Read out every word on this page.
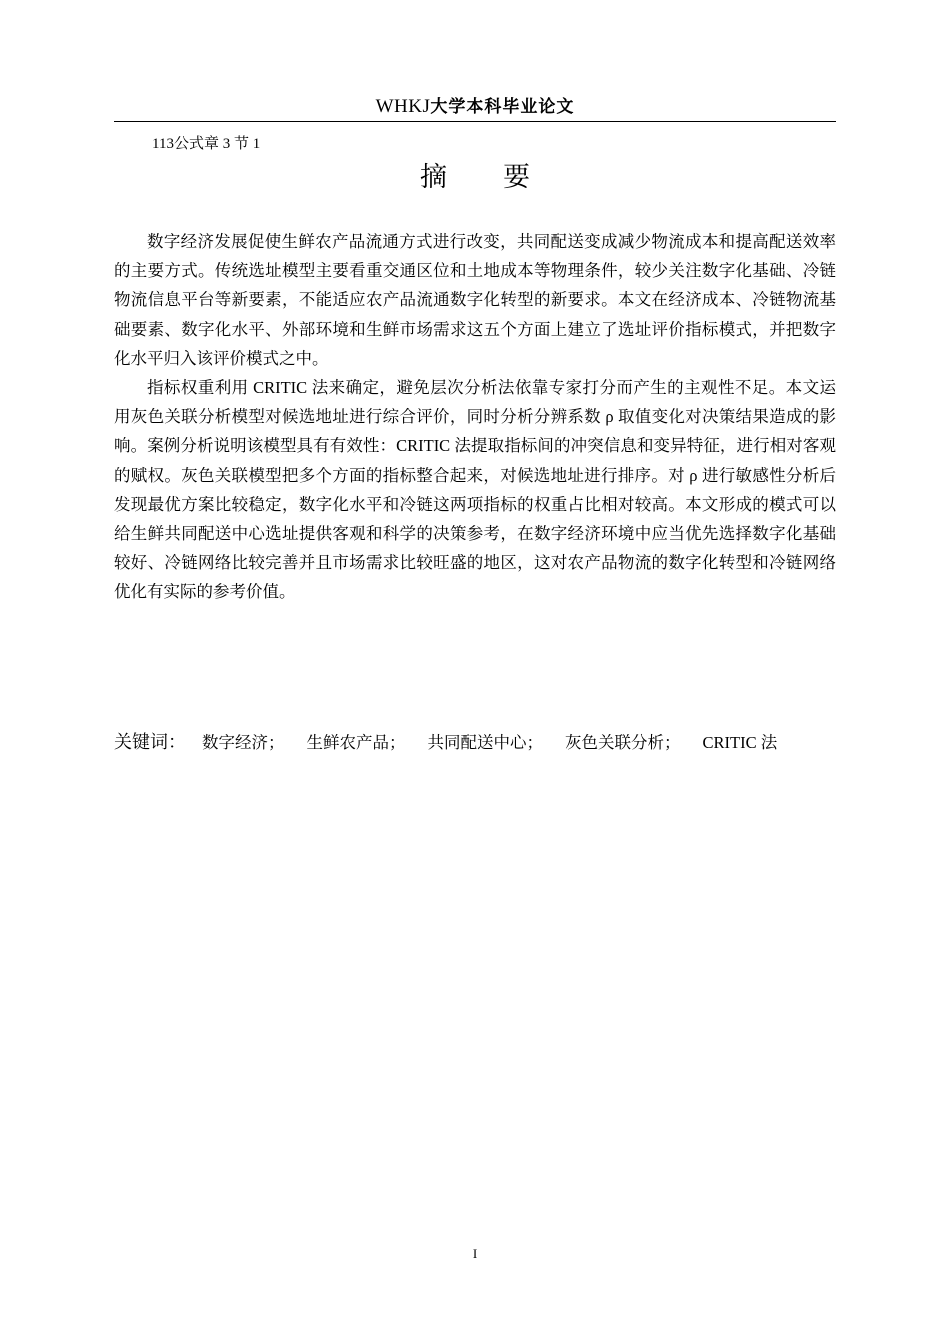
WHKJ大学本科毕业论文
113公式章 3 节 1
摘 要

数字经济发展促使生鲜农产品流通方式进行改变，共同配送变成减少物流成本和提高配送效率的主要方式。传统选址模型主要看重交通区位和土地成本等物理条件，较少关注数字化基础、冷链物流信息平台等新要素，不能适应农产品流通数字化转型的新要求。本文在经济成本、冷链物流基础要素、数字化水平、外部环境和生鲜市场需求这五个方面上建立了选址评价指标模式，并把数字化水平归入该评价模式之中。

指标权重利用 CRITIC 法来确定，避免层次分析法依靠专家打分而产生的主观性不足。本文运用灰色关联分析模型对候选地址进行综合评价，同时分析分辨系数 ρ 取值变化对决策结果造成的影响。案例分析说明该模型具有有效性：CRITIC 法提取指标间的冲突信息和变异特征，进行相对客观的赋权。灰色关联模型把多个方面的指标整合起来，对候选地址进行排序。对 ρ 进行敏感性分析后发现最优方案比较稳定，数字化水平和冷链这两项指标的权重占比相对较高。本文形成的模式可以给生鲜共同配送中心选址提供客观和科学的决策参考，在数字经济环境中应当优先选择数字化基础较好、冷链网络比较完善并且市场需求比较旺盛的地区，这对农产品物流的数字化转型和冷链网络优化有实际的参考价值。

关键词： 数字经济； 生鲜农产品； 共同配送中心； 灰色关联分析； CRITIC 法
I
